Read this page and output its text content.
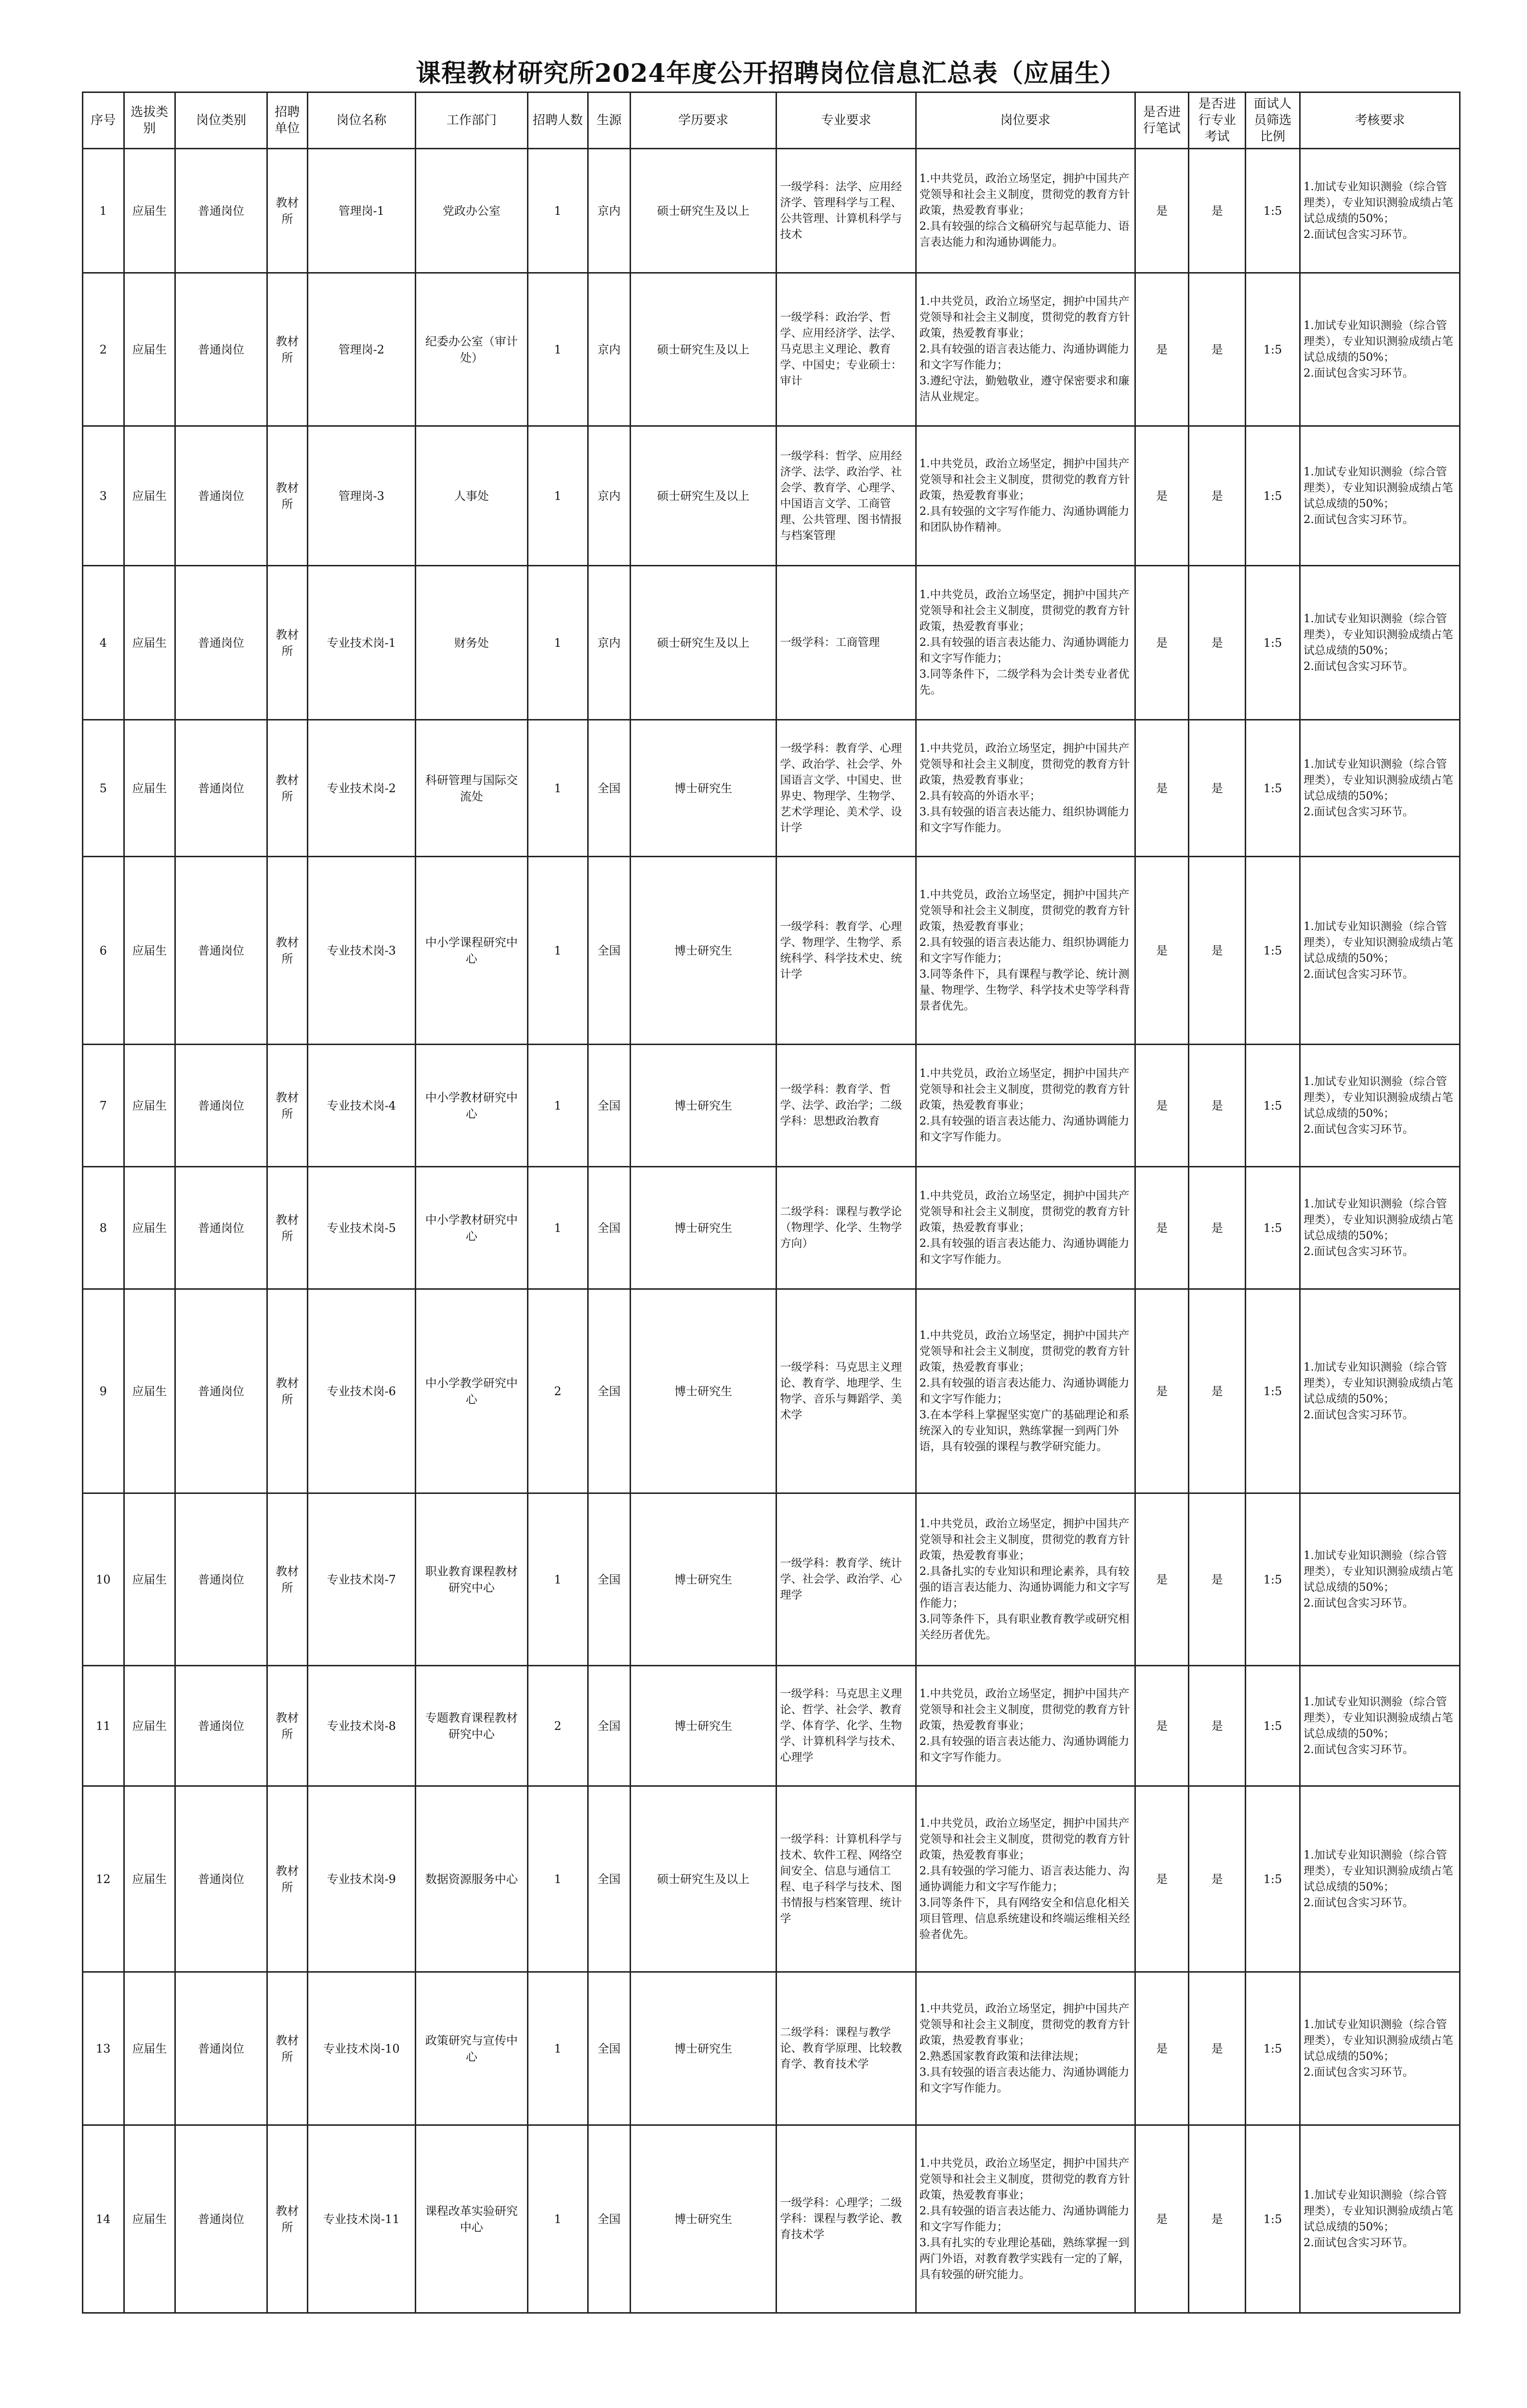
课程教材研究所2024年度公开招聘岗位信息汇总表（应届生）
序号	选拔类别	岗位类别	招聘单位	岗位名称	工作部门	招聘人数	生源	学历要求	专业要求	岗位要求	是否进行笔试	是否进行专业考试	面试人员筛选比例	考核要求
1	应届生	普通岗位	教材所	管理岗-1	党政办公室	1	京内	硕士研究生及以上	一级学科：法学、应用经济学、管理科学与工程、公共管理、计算机科学与技术	1.中共党员，政治立场坚定，拥护中国共产党领导和社会主义制度，贯彻党的教育方针政策，热爱教育事业；
2.具有较强的综合文稿研究与起草能力、语言表达能力和沟通协调能力。	是	是	1:5	1.加试专业知识测验（综合管理类），专业知识测验成绩占笔试总成绩的50%；
2.面试包含实习环节。
2	应届生	普通岗位	教材所	管理岗-2	纪委办公室（审计处）	1	京内	硕士研究生及以上	一级学科：政治学、哲学、应用经济学、法学、马克思主义理论、教育学、中国史；专业硕士：审计	1.中共党员，政治立场坚定，拥护中国共产党领导和社会主义制度，贯彻党的教育方针政策，热爱教育事业；
2.具有较强的语言表达能力、沟通协调能力和文字写作能力；
3.遵纪守法，勤勉敬业，遵守保密要求和廉洁从业规定。	是	是	1:5	1.加试专业知识测验（综合管理类），专业知识测验成绩占笔试总成绩的50%；
2.面试包含实习环节。
3	应届生	普通岗位	教材所	管理岗-3	人事处	1	京内	硕士研究生及以上	一级学科：哲学、应用经济学、法学、政治学、社会学、教育学、心理学、中国语言文学、工商管理、公共管理、图书情报与档案管理	1.中共党员，政治立场坚定，拥护中国共产党领导和社会主义制度，贯彻党的教育方针政策，热爱教育事业；
2.具有较强的文字写作能力、沟通协调能力和团队协作精神。	是	是	1:5	1.加试专业知识测验（综合管理类），专业知识测验成绩占笔试总成绩的50%；
2.面试包含实习环节。
4	应届生	普通岗位	教材所	专业技术岗-1	财务处	1	京内	硕士研究生及以上	一级学科：工商管理	1.中共党员，政治立场坚定，拥护中国共产党领导和社会主义制度，贯彻党的教育方针政策，热爱教育事业；
2.具有较强的语言表达能力、沟通协调能力和文字写作能力；
3.同等条件下，二级学科为会计类专业者优先。	是	是	1:5	1.加试专业知识测验（综合管理类），专业知识测验成绩占笔试总成绩的50%；
2.面试包含实习环节。
5	应届生	普通岗位	教材所	专业技术岗-2	科研管理与国际交流处	1	全国	博士研究生	一级学科：教育学、心理学、政治学、社会学、外国语言文学、中国史、世界史、物理学、生物学、艺术学理论、美术学、设计学	1.中共党员，政治立场坚定，拥护中国共产党领导和社会主义制度，贯彻党的教育方针政策，热爱教育事业；
2.具有较高的外语水平；
3.具有较强的语言表达能力、组织协调能力和文字写作能力。	是	是	1:5	1.加试专业知识测验（综合管理类），专业知识测验成绩占笔试总成绩的50%；
2.面试包含实习环节。
6	应届生	普通岗位	教材所	专业技术岗-3	中小学课程研究中心	1	全国	博士研究生	一级学科：教育学、心理学、物理学、生物学、系统科学、科学技术史、统计学	1.中共党员，政治立场坚定，拥护中国共产党领导和社会主义制度，贯彻党的教育方针政策，热爱教育事业；
2.具有较强的语言表达能力、组织协调能力和文字写作能力；
3.同等条件下，具有课程与教学论、统计测量、物理学、生物学、科学技术史等学科背景者优先。	是	是	1:5	1.加试专业知识测验（综合管理类），专业知识测验成绩占笔试总成绩的50%；
2.面试包含实习环节。
7	应届生	普通岗位	教材所	专业技术岗-4	中小学教材研究中心	1	全国	博士研究生	一级学科：教育学、哲学、法学、政治学；二级学科：思想政治教育	1.中共党员，政治立场坚定，拥护中国共产党领导和社会主义制度，贯彻党的教育方针政策，热爱教育事业；
2.具有较强的语言表达能力、沟通协调能力和文字写作能力。	是	是	1:5	1.加试专业知识测验（综合管理类），专业知识测验成绩占笔试总成绩的50%；
2.面试包含实习环节。
8	应届生	普通岗位	教材所	专业技术岗-5	中小学教材研究中心	1	全国	博士研究生	二级学科：课程与教学论（物理学、化学、生物学方向）	1.中共党员，政治立场坚定，拥护中国共产党领导和社会主义制度，贯彻党的教育方针政策，热爱教育事业；
2.具有较强的语言表达能力、沟通协调能力和文字写作能力。	是	是	1:5	1.加试专业知识测验（综合管理类），专业知识测验成绩占笔试总成绩的50%；
2.面试包含实习环节。
9	应届生	普通岗位	教材所	专业技术岗-6	中小学教学研究中心	2	全国	博士研究生	一级学科：马克思主义理论、教育学、地理学、生物学、音乐与舞蹈学、美术学	1.中共党员，政治立场坚定，拥护中国共产党领导和社会主义制度，贯彻党的教育方针政策，热爱教育事业；
2.具有较强的语言表达能力、沟通协调能力和文字写作能力；
3.在本学科上掌握坚实宽广的基础理论和系统深入的专业知识，熟练掌握一到两门外语，具有较强的课程与教学研究能力。	是	是	1:5	1.加试专业知识测验（综合管理类），专业知识测验成绩占笔试总成绩的50%；
2.面试包含实习环节。
10	应届生	普通岗位	教材所	专业技术岗-7	职业教育课程教材研究中心	1	全国	博士研究生	一级学科：教育学、统计学、社会学、政治学、心理学	1.中共党员，政治立场坚定，拥护中国共产党领导和社会主义制度，贯彻党的教育方针政策，热爱教育事业；
2.具备扎实的专业知识和理论素养，具有较强的语言表达能力、沟通协调能力和文字写作能力；
3.同等条件下，具有职业教育教学或研究相关经历者优先。	是	是	1:5	1.加试专业知识测验（综合管理类），专业知识测验成绩占笔试总成绩的50%；
2.面试包含实习环节。
11	应届生	普通岗位	教材所	专业技术岗-8	专题教育课程教材研究中心	2	全国	博士研究生	一级学科：马克思主义理论、哲学、社会学、教育学、体育学、化学、生物学、计算机科学与技术、心理学	1.中共党员，政治立场坚定，拥护中国共产党领导和社会主义制度，贯彻党的教育方针政策，热爱教育事业；
2.具有较强的语言表达能力、沟通协调能力和文字写作能力。	是	是	1:5	1.加试专业知识测验（综合管理类），专业知识测验成绩占笔试总成绩的50%；
2.面试包含实习环节。
12	应届生	普通岗位	教材所	专业技术岗-9	数据资源服务中心	1	全国	硕士研究生及以上	一级学科：计算机科学与技术、软件工程、网络空间安全、信息与通信工程、电子科学与技术、图书情报与档案管理、统计学	1.中共党员，政治立场坚定，拥护中国共产党领导和社会主义制度，贯彻党的教育方针政策，热爱教育事业；
2.具有较强的学习能力、语言表达能力、沟通协调能力和文字写作能力；
3.同等条件下，具有网络安全和信息化相关项目管理、信息系统建设和终端运维相关经验者优先。	是	是	1:5	1.加试专业知识测验（综合管理类），专业知识测验成绩占笔试总成绩的50%；
2.面试包含实习环节。
13	应届生	普通岗位	教材所	专业技术岗-10	政策研究与宣传中心	1	全国	博士研究生	二级学科：课程与教学论、教育学原理、比较教育学、教育技术学	1.中共党员，政治立场坚定，拥护中国共产党领导和社会主义制度，贯彻党的教育方针政策，热爱教育事业；
2.熟悉国家教育政策和法律法规；
3.具有较强的语言表达能力、沟通协调能力和文字写作能力。	是	是	1:5	1.加试专业知识测验（综合管理类），专业知识测验成绩占笔试总成绩的50%；
2.面试包含实习环节。
14	应届生	普通岗位	教材所	专业技术岗-11	课程改革实验研究中心	1	全国	博士研究生	一级学科：心理学；二级学科：课程与教学论、教育技术学	1.中共党员，政治立场坚定，拥护中国共产党领导和社会主义制度，贯彻党的教育方针政策，热爱教育事业；
2.具有较强的语言表达能力、沟通协调能力和文字写作能力；
3.具有扎实的专业理论基础，熟练掌握一到两门外语，对教育教学实践有一定的了解，具有较强的研究能力。	是	是	1:5	1.加试专业知识测验（综合管理类），专业知识测验成绩占笔试总成绩的50%；
2.面试包含实习环节。
